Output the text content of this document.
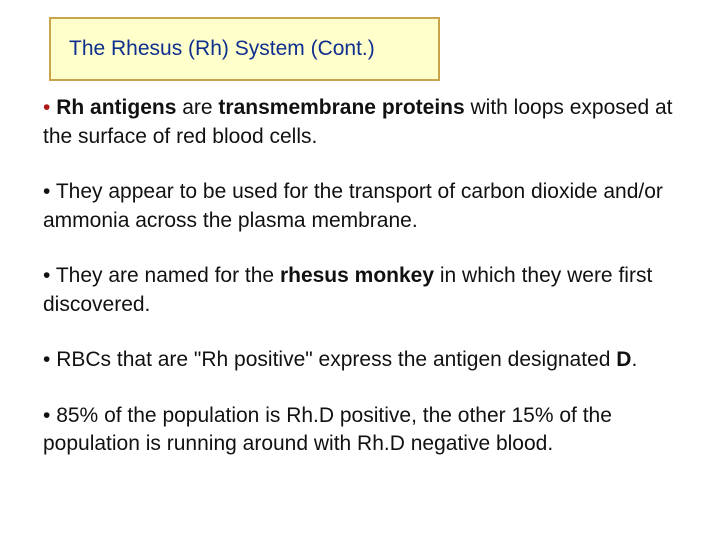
The Rhesus (Rh) System (Cont.)

• Rh antigens are transmembrane proteins with loops exposed at the surface of red blood cells.

• They appear to be used for the transport of carbon dioxide and/or ammonia across the plasma membrane.

• They are named for the rhesus monkey in which they were first discovered.

• RBCs that are "Rh positive" express the antigen designated D.

• 85% of the population is Rh.D positive, the other 15% of the population is running around with Rh.D negative blood.
